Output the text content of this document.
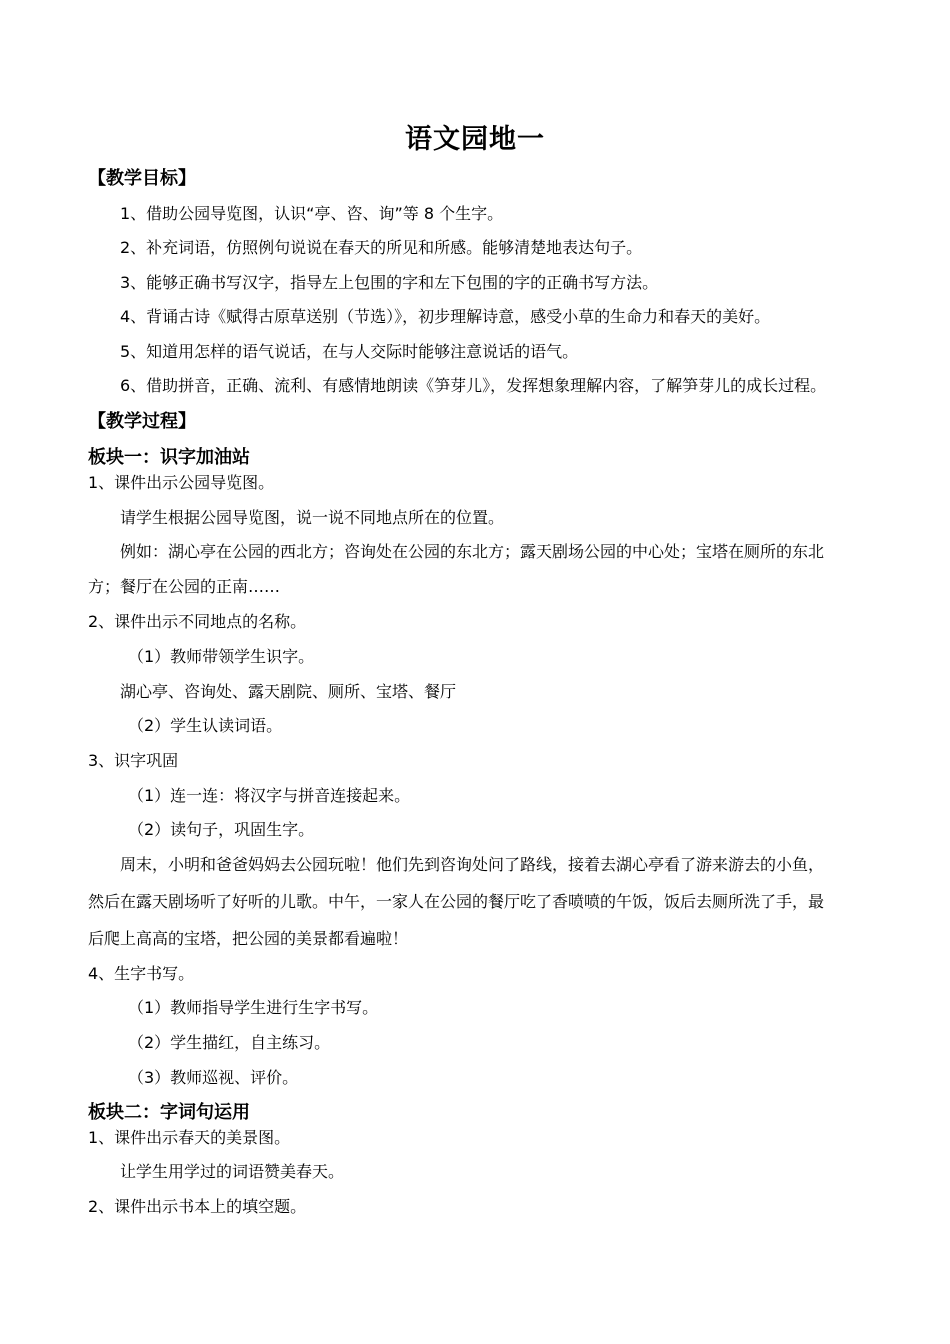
语文园地一
【教学目标】
1、借助公园导览图，认识“亭、咨、询”等 8 个生字。
2、补充词语，仿照例句说说在春天的所见和所感。能够清楚地表达句子。
3、能够正确书写汉字，指导左上包围的字和左下包围的字的正确书写方法。
4、背诵古诗《赋得古原草送别（节选）》，初步理解诗意，感受小草的生命力和春天的美好。
5、知道用怎样的语气说话，在与人交际时能够注意说话的语气。
6、借助拼音，正确、流利、有感情地朗读《笋芽儿》，发挥想象理解内容，了解笋芽儿的成长过程。
【教学过程】
板块一：识字加油站
1、课件出示公园导览图。
请学生根据公园导览图，说一说不同地点所在的位置。
例如：湖心亭在公园的西北方；咨询处在公园的东北方；露天剧场公园的中心处；宝塔在厕所的东北
方；餐厅在公园的正南……
2、课件出示不同地点的名称。
（1）教师带领学生识字。
湖心亭、咨询处、露天剧院、厕所、宝塔、餐厅
（2）学生认读词语。
3、识字巩固
（1）连一连：将汉字与拼音连接起来。
（2）读句子，巩固生字。
周末，小明和爸爸妈妈去公园玩啦！他们先到咨询处问了路线，接着去湖心亭看了游来游去的小鱼，
然后在露天剧场听了好听的儿歌。中午，一家人在公园的餐厅吃了香喷喷的午饭，饭后去厕所洗了手，最
后爬上高高的宝塔，把公园的美景都看遍啦！
4、生字书写。
（1）教师指导学生进行生字书写。
（2）学生描红，自主练习。
（3）教师巡视、评价。
板块二：字词句运用
1、课件出示春天的美景图。
让学生用学过的词语赞美春天。
2、课件出示书本上的填空题。
